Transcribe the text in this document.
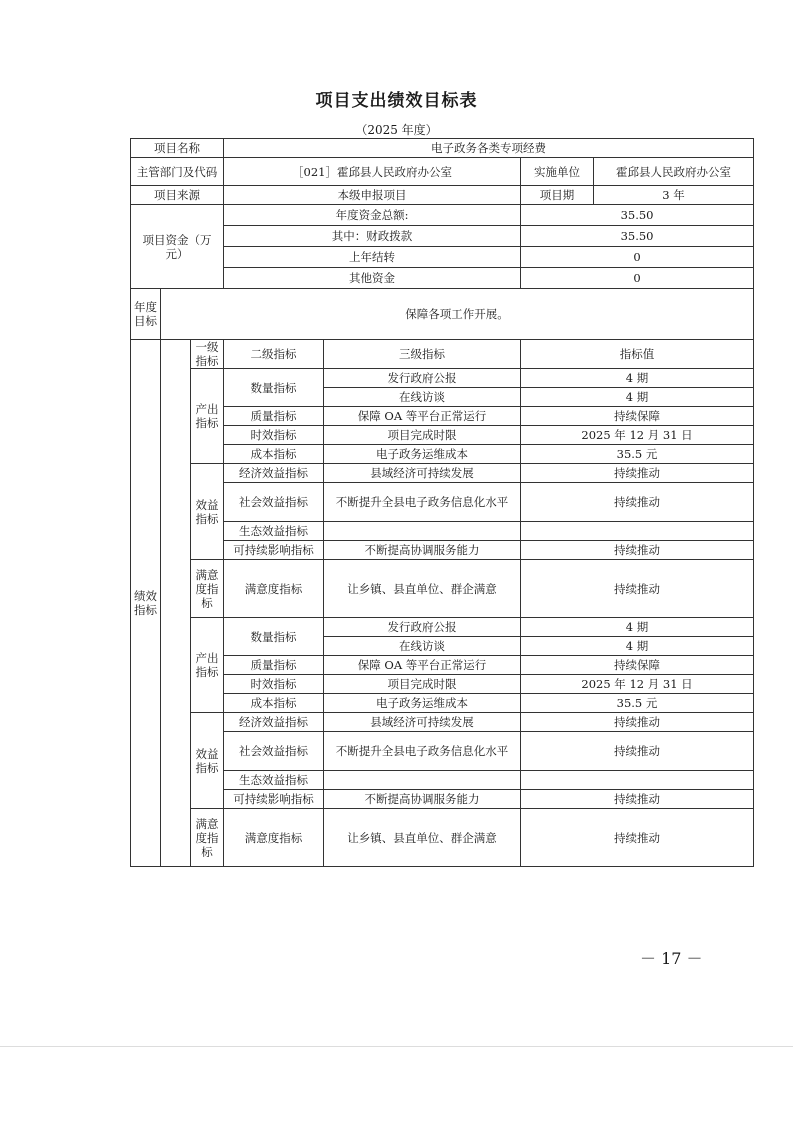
项目支出绩效目标表
（2025 年度）
项目名称			电子政务各类专项经费			
主管部门及代码			［021］霍邱县人民政府办公室		实施单位	霍邱县人民政府办公室
项目来源			本级申报项目		项目期	3 年
项目资金（万元）			年度资金总额:		35.50	
			其中：财政拨款		35.50	
			上年结转		0	
			其他资金		0	
年度目标	保障各项工作开展。					
绩效指标		一级指标	二级指标	三级指标	指标值	
		产出指标	数量指标	发行政府公报	4 期	
				在线访谈	4 期	
			质量指标	保障 OA 等平台正常运行	持续保障	
			时效指标	项目完成时限	2025 年 12 月 31 日	
			成本指标	电子政务运维成本	35.5 元	
		效益指标	经济效益指标	县域经济可持续发展	持续推动	
			社会效益指标	不断提升全县电子政务信息化水平	持续推动	
			生态效益指标			
			可持续影响指标	不断提高协调服务能力	持续推动	
		满意度指标	满意度指标	让乡镇、县直单位、群企满意	持续推动	
		产出指标	数量指标	发行政府公报	4 期	
				在线访谈	4 期	
			质量指标	保障 OA 等平台正常运行	持续保障	
			时效指标	项目完成时限	2025 年 12 月 31 日	
			成本指标	电子政务运维成本	35.5 元	
		效益指标	经济效益指标	县域经济可持续发展	持续推动	
			社会效益指标	不断提升全县电子政务信息化水平	持续推动	
			生态效益指标			
			可持续影响指标	不断提高协调服务能力	持续推动	
		满意度指标	满意度指标	让乡镇、县直单位、群企满意	持续推动	
－ 17 －
